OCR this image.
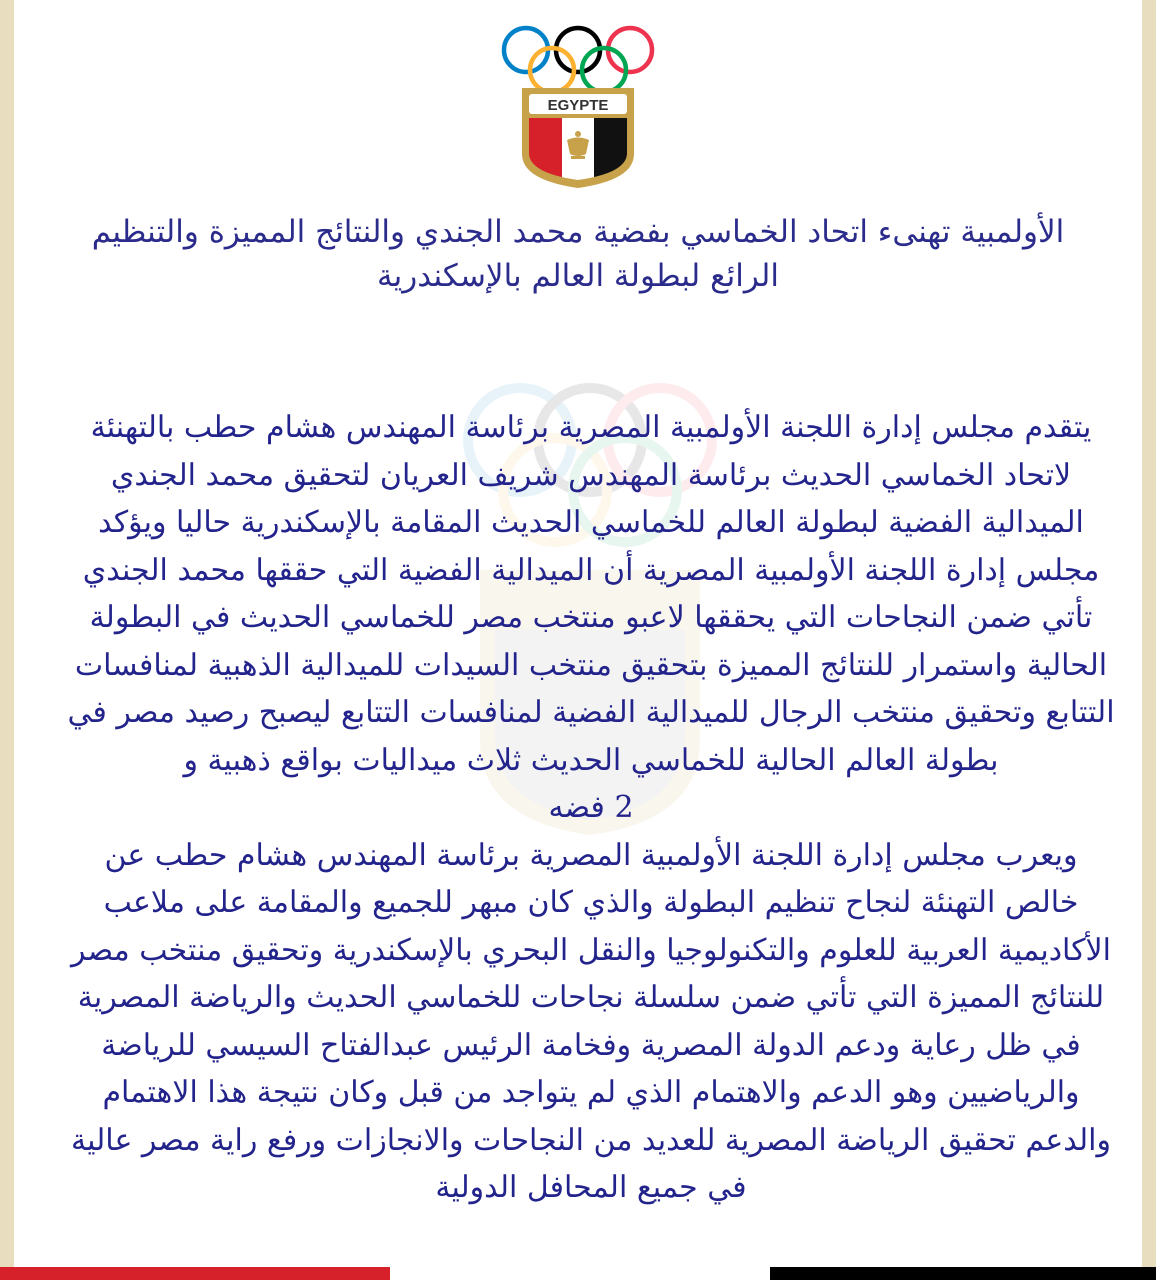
EGYPTE
الأولمبية تهنىء اتحاد الخماسي بفضية محمد الجندي والنتائج المميزة والتنظيم
الرائع لبطولة العالم بالإسكندرية

يتقدم مجلس إدارة اللجنة الأولمبية المصرية برئاسة المهندس هشام حطب بالتهنئة لاتحاد الخماسي الحديث برئاسة المهندس شريف العريان لتحقيق محمد الجندي الميدالية الفضية لبطولة العالم للخماسي الحديث المقامة بالإسكندرية حاليا ويؤكد مجلس إدارة اللجنة الأولمبية المصرية أن الميدالية الفضية التي حققها محمد الجندي تأتي ضمن النجاحات التي يحققها لاعبو منتخب مصر للخماسي الحديث في البطولة الحالية واستمرار للنتائج المميزة بتحقيق منتخب السيدات للميدالية الذهبية لمنافسات التتابع وتحقيق منتخب الرجال للميدالية الفضية لمنافسات التتابع ليصبح رصيد مصر في بطولة العالم الحالية للخماسي الحديث ثلاث ميداليات بواقع ذهبية و
2 فضه

ويعرب مجلس إدارة اللجنة الأولمبية المصرية برئاسة المهندس هشام حطب عن خالص التهنئة لنجاح تنظيم البطولة والذي كان مبهر للجميع والمقامة على ملاعب الأكاديمية العربية للعلوم والتكنولوجيا والنقل البحري بالإسكندرية وتحقيق منتخب مصر للنتائج المميزة التي تأتي ضمن سلسلة نجاحات للخماسي الحديث والرياضة المصرية في ظل رعاية ودعم الدولة المصرية وفخامة الرئيس عبدالفتاح السيسي للرياضة والرياضيين وهو الدعم والاهتمام الذي لم يتواجد من قبل وكان نتيجة هذا الاهتمام والدعم تحقيق الرياضة المصرية للعديد من النجاحات والانجازات ورفع راية مصر عالية في جميع المحافل الدولية
